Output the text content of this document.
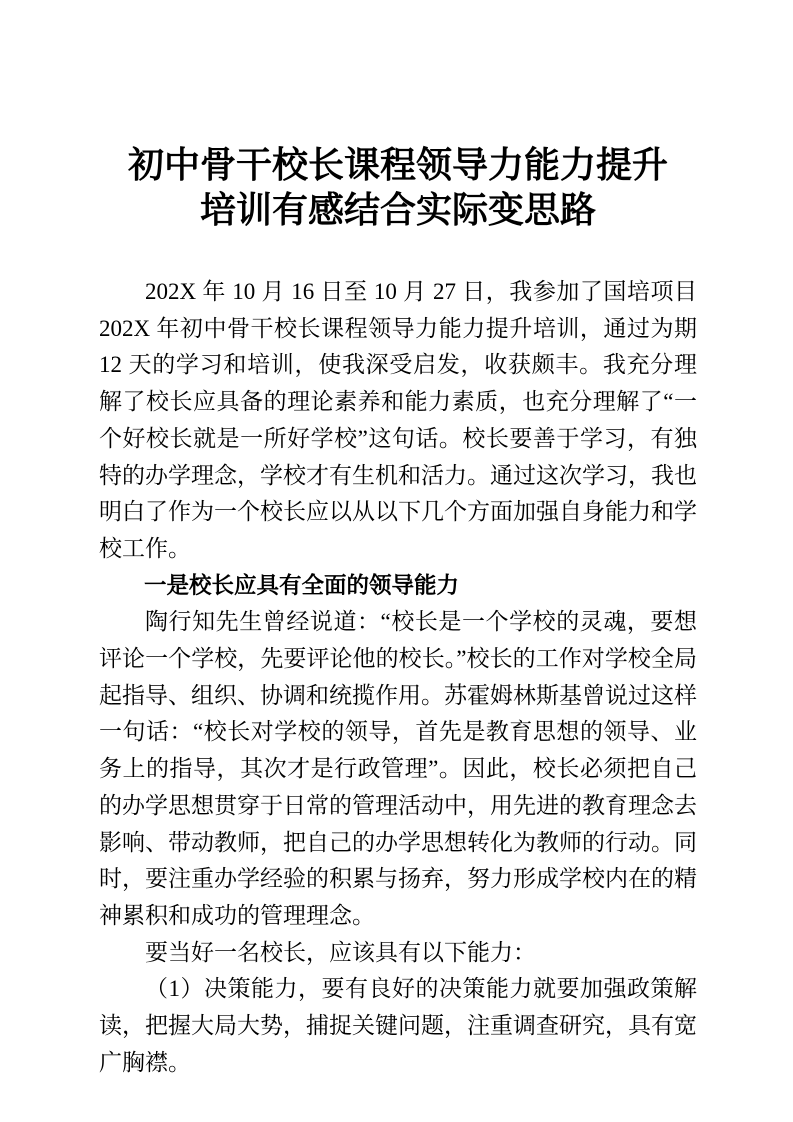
初中骨干校长课程领导力能力提升
培训有感结合实际变思路

202X 年 10 月 16 日至 10 月 27 日，我参加了国培项目 202X 年初中骨干校长课程领导力能力提升培训，通过为期 12 天的学习和培训，使我深受启发，收获颇丰。我充分理解了校长应具备的理论素养和能力素质，也充分理解了“一个好校长就是一所好学校”这句话。校长要善于学习，有独特的办学理念，学校才有生机和活力。通过这次学习，我也明白了作为一个校长应以从以下几个方面加强自身能力和学校工作。

一是校长应具有全面的领导能力

陶行知先生曾经说道：“校长是一个学校的灵魂，要想评论一个学校，先要评论他的校长。”校长的工作对学校全局起指导、组织、协调和统揽作用。苏霍姆林斯基曾说过这样一句话：“校长对学校的领导，首先是教育思想的领导、业务上的指导，其次才是行政管理”。因此，校长必须把自己的办学思想贯穿于日常的管理活动中，用先进的教育理念去影响、带动教师，把自己的办学思想转化为教师的行动。同时，要注重办学经验的积累与扬弃，努力形成学校内在的精神累积和成功的管理理念。

要当好一名校长，应该具有以下能力：

（1）决策能力，要有良好的决策能力就要加强政策解读，把握大局大势，捕捉关键问题，注重调查研究，具有宽广胸襟。
